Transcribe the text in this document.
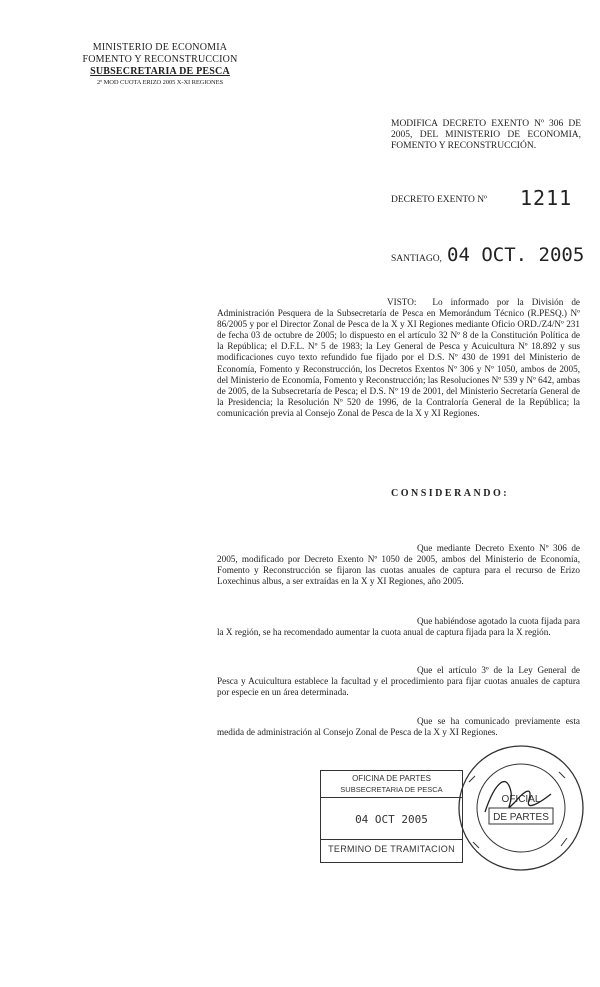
MINISTERIO DE ECONOMIA
FOMENTO Y RECONSTRUCCION
SUBSECRETARIA DE PESCA
2º MOD CUOTA ERIZO 2005 X-XI REGIONES
MODIFICA DECRETO EXENTO Nº 306 DE 2005, DEL MINISTERIO DE ECONOMIA, FOMENTO Y RECONSTRUCCIÓN.
DECRETO EXENTO Nº 1211
SANTIAGO, 04 OCT. 2005
VISTO: Lo informado por la División de Administración Pesquera de la Subsecretaría de Pesca en Memorándum Técnico (R.PESQ.) Nº 86/2005 y por el Director Zonal de Pesca de la X y XI Regiones mediante Oficio ORD./Z4/Nº 231 de fecha 03 de octubre de 2005; lo dispuesto en el artículo 32 Nº 8 de la Constitución Política de la República; el D.F.L. Nº 5 de 1983; la Ley General de Pesca y Acuicultura Nº 18.892 y sus modificaciones cuyo texto refundido fue fijado por el D.S. Nº 430 de 1991 del Ministerio de Economía, Fomento y Reconstrucción, los Decretos Exentos Nº 306 y Nº 1050, ambos de 2005, del Ministerio de Economía, Fomento y Reconstrucción; las Resoluciones Nº 539 y Nº 642, ambas de 2005, de la Subsecretaría de Pesca; el D.S. Nº 19 de 2001, del Ministerio Secretaría General de la Presidencia; la Resolución Nº 520 de 1996, de la Contraloría General de la República; la comunicación previa al Consejo Zonal de Pesca de la X y XI Regiones.
CONSIDERANDO:
Que mediante Decreto Exento Nº 306 de 2005, modificado por Decreto Exento Nº 1050 de 2005, ambos del Ministerio de Economía, Fomento y Reconstrucción se fijaron las cuotas anuales de captura para el recurso de Erizo Loxechinus albus, a ser extraídas en la X y XI Regiones, año 2005.
Que habiéndose agotado la cuota fijada para la X región, se ha recomendado aumentar la cuota anual de captura fijada para la X región.
Que el artículo 3º de la Ley General de Pesca y Acuicultura establece la facultad y el procedimiento para fijar cuotas anuales de captura por especie en un área determinada.
Que se ha comunicado previamente esta medida de administración al Consejo Zonal de Pesca de la X y XI Regiones.
OFICINA DE PARTES
SUBSECRETARIA DE PESCA
04 OCT 2005
TERMINO DE TRAMITACION
OFICIAL
DE PARTES
